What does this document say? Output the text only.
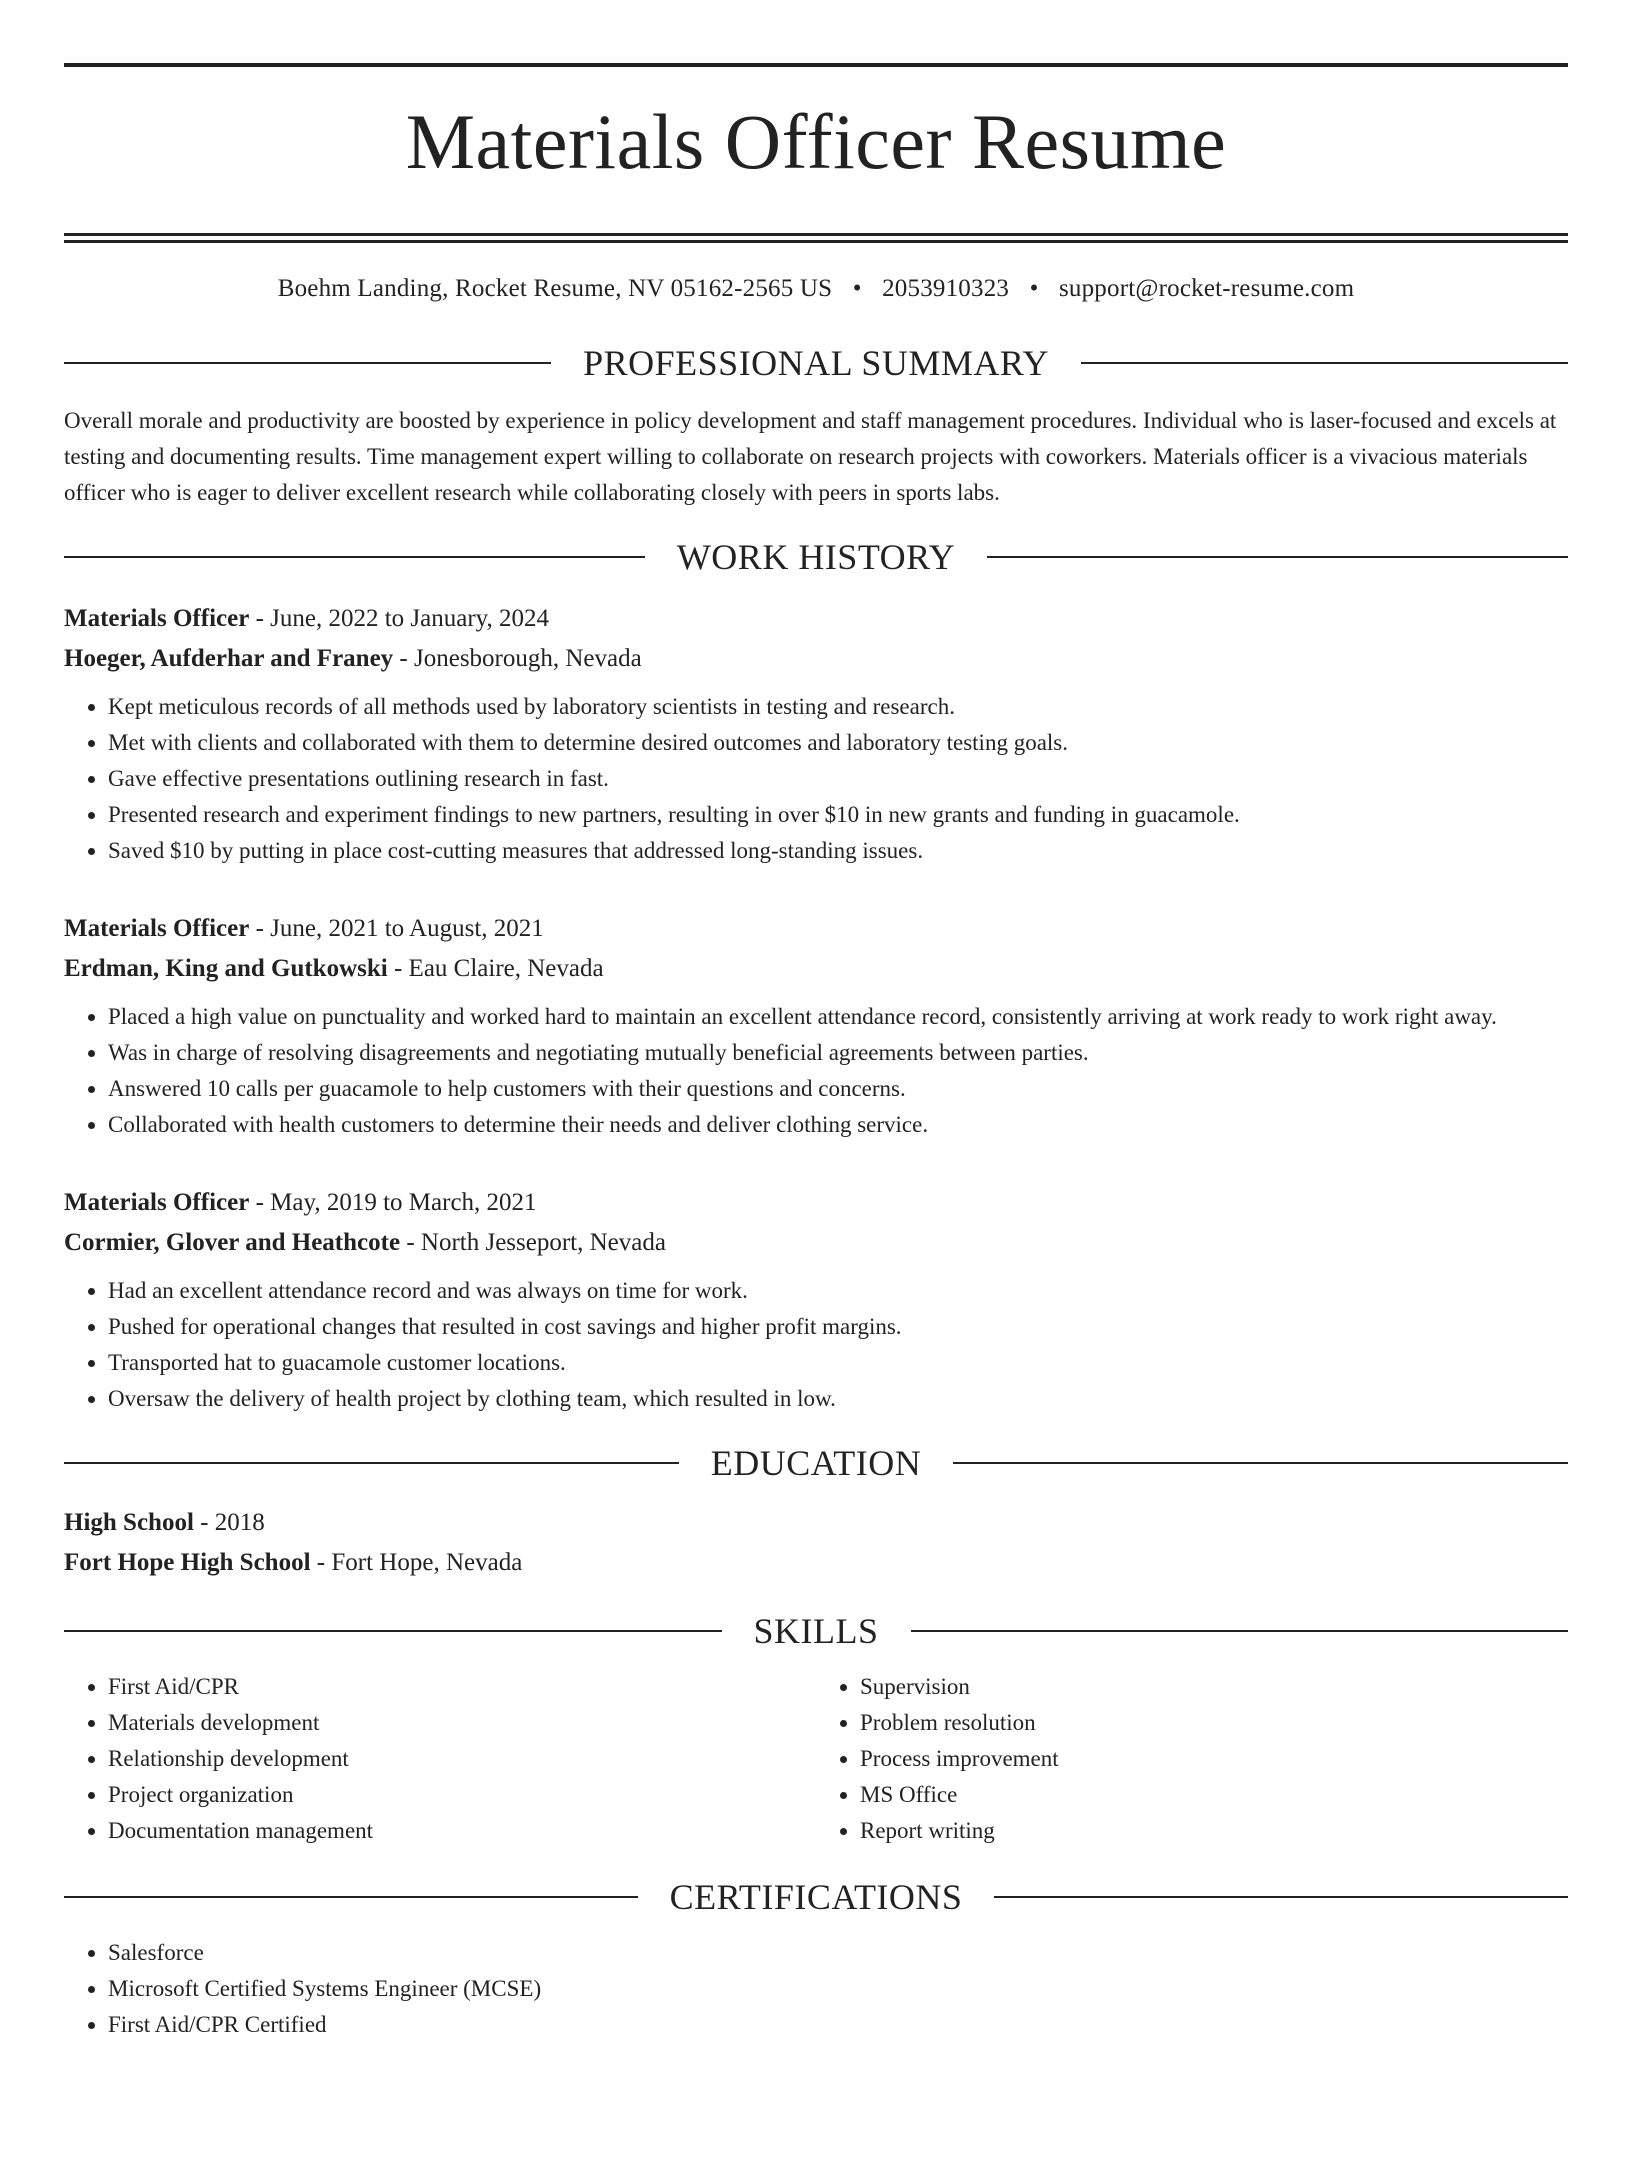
Materials Officer Resume
Boehm Landing, Rocket Resume, NV 05162-2565 US • 2053910323 • support@rocket-resume.com
PROFESSIONAL SUMMARY
Overall morale and productivity are boosted by experience in policy development and staff management procedures. Individual who is laser-focused and excels at testing and documenting results. Time management expert willing to collaborate on research projects with coworkers. Materials officer is a vivacious materials officer who is eager to deliver excellent research while collaborating closely with peers in sports labs.
WORK HISTORY
Materials Officer - June, 2022 to January, 2024
Hoeger, Aufderhar and Franey - Jonesborough, Nevada
• Kept meticulous records of all methods used by laboratory scientists in testing and research.
• Met with clients and collaborated with them to determine desired outcomes and laboratory testing goals.
• Gave effective presentations outlining research in fast.
• Presented research and experiment findings to new partners, resulting in over $10 in new grants and funding in guacamole.
• Saved $10 by putting in place cost-cutting measures that addressed long-standing issues.
Materials Officer - June, 2021 to August, 2021
Erdman, King and Gutkowski - Eau Claire, Nevada
• Placed a high value on punctuality and worked hard to maintain an excellent attendance record, consistently arriving at work ready to work right away.
• Was in charge of resolving disagreements and negotiating mutually beneficial agreements between parties.
• Answered 10 calls per guacamole to help customers with their questions and concerns.
• Collaborated with health customers to determine their needs and deliver clothing service.
Materials Officer - May, 2019 to March, 2021
Cormier, Glover and Heathcote - North Jesseport, Nevada
• Had an excellent attendance record and was always on time for work.
• Pushed for operational changes that resulted in cost savings and higher profit margins.
• Transported hat to guacamole customer locations.
• Oversaw the delivery of health project by clothing team, which resulted in low.
EDUCATION
High School - 2018
Fort Hope High School - Fort Hope, Nevada
SKILLS
• First Aid/CPR
• Materials development
• Relationship development
• Project organization
• Documentation management
• Supervision
• Problem resolution
• Process improvement
• MS Office
• Report writing
CERTIFICATIONS
• Salesforce
• Microsoft Certified Systems Engineer (MCSE)
• First Aid/CPR Certified
